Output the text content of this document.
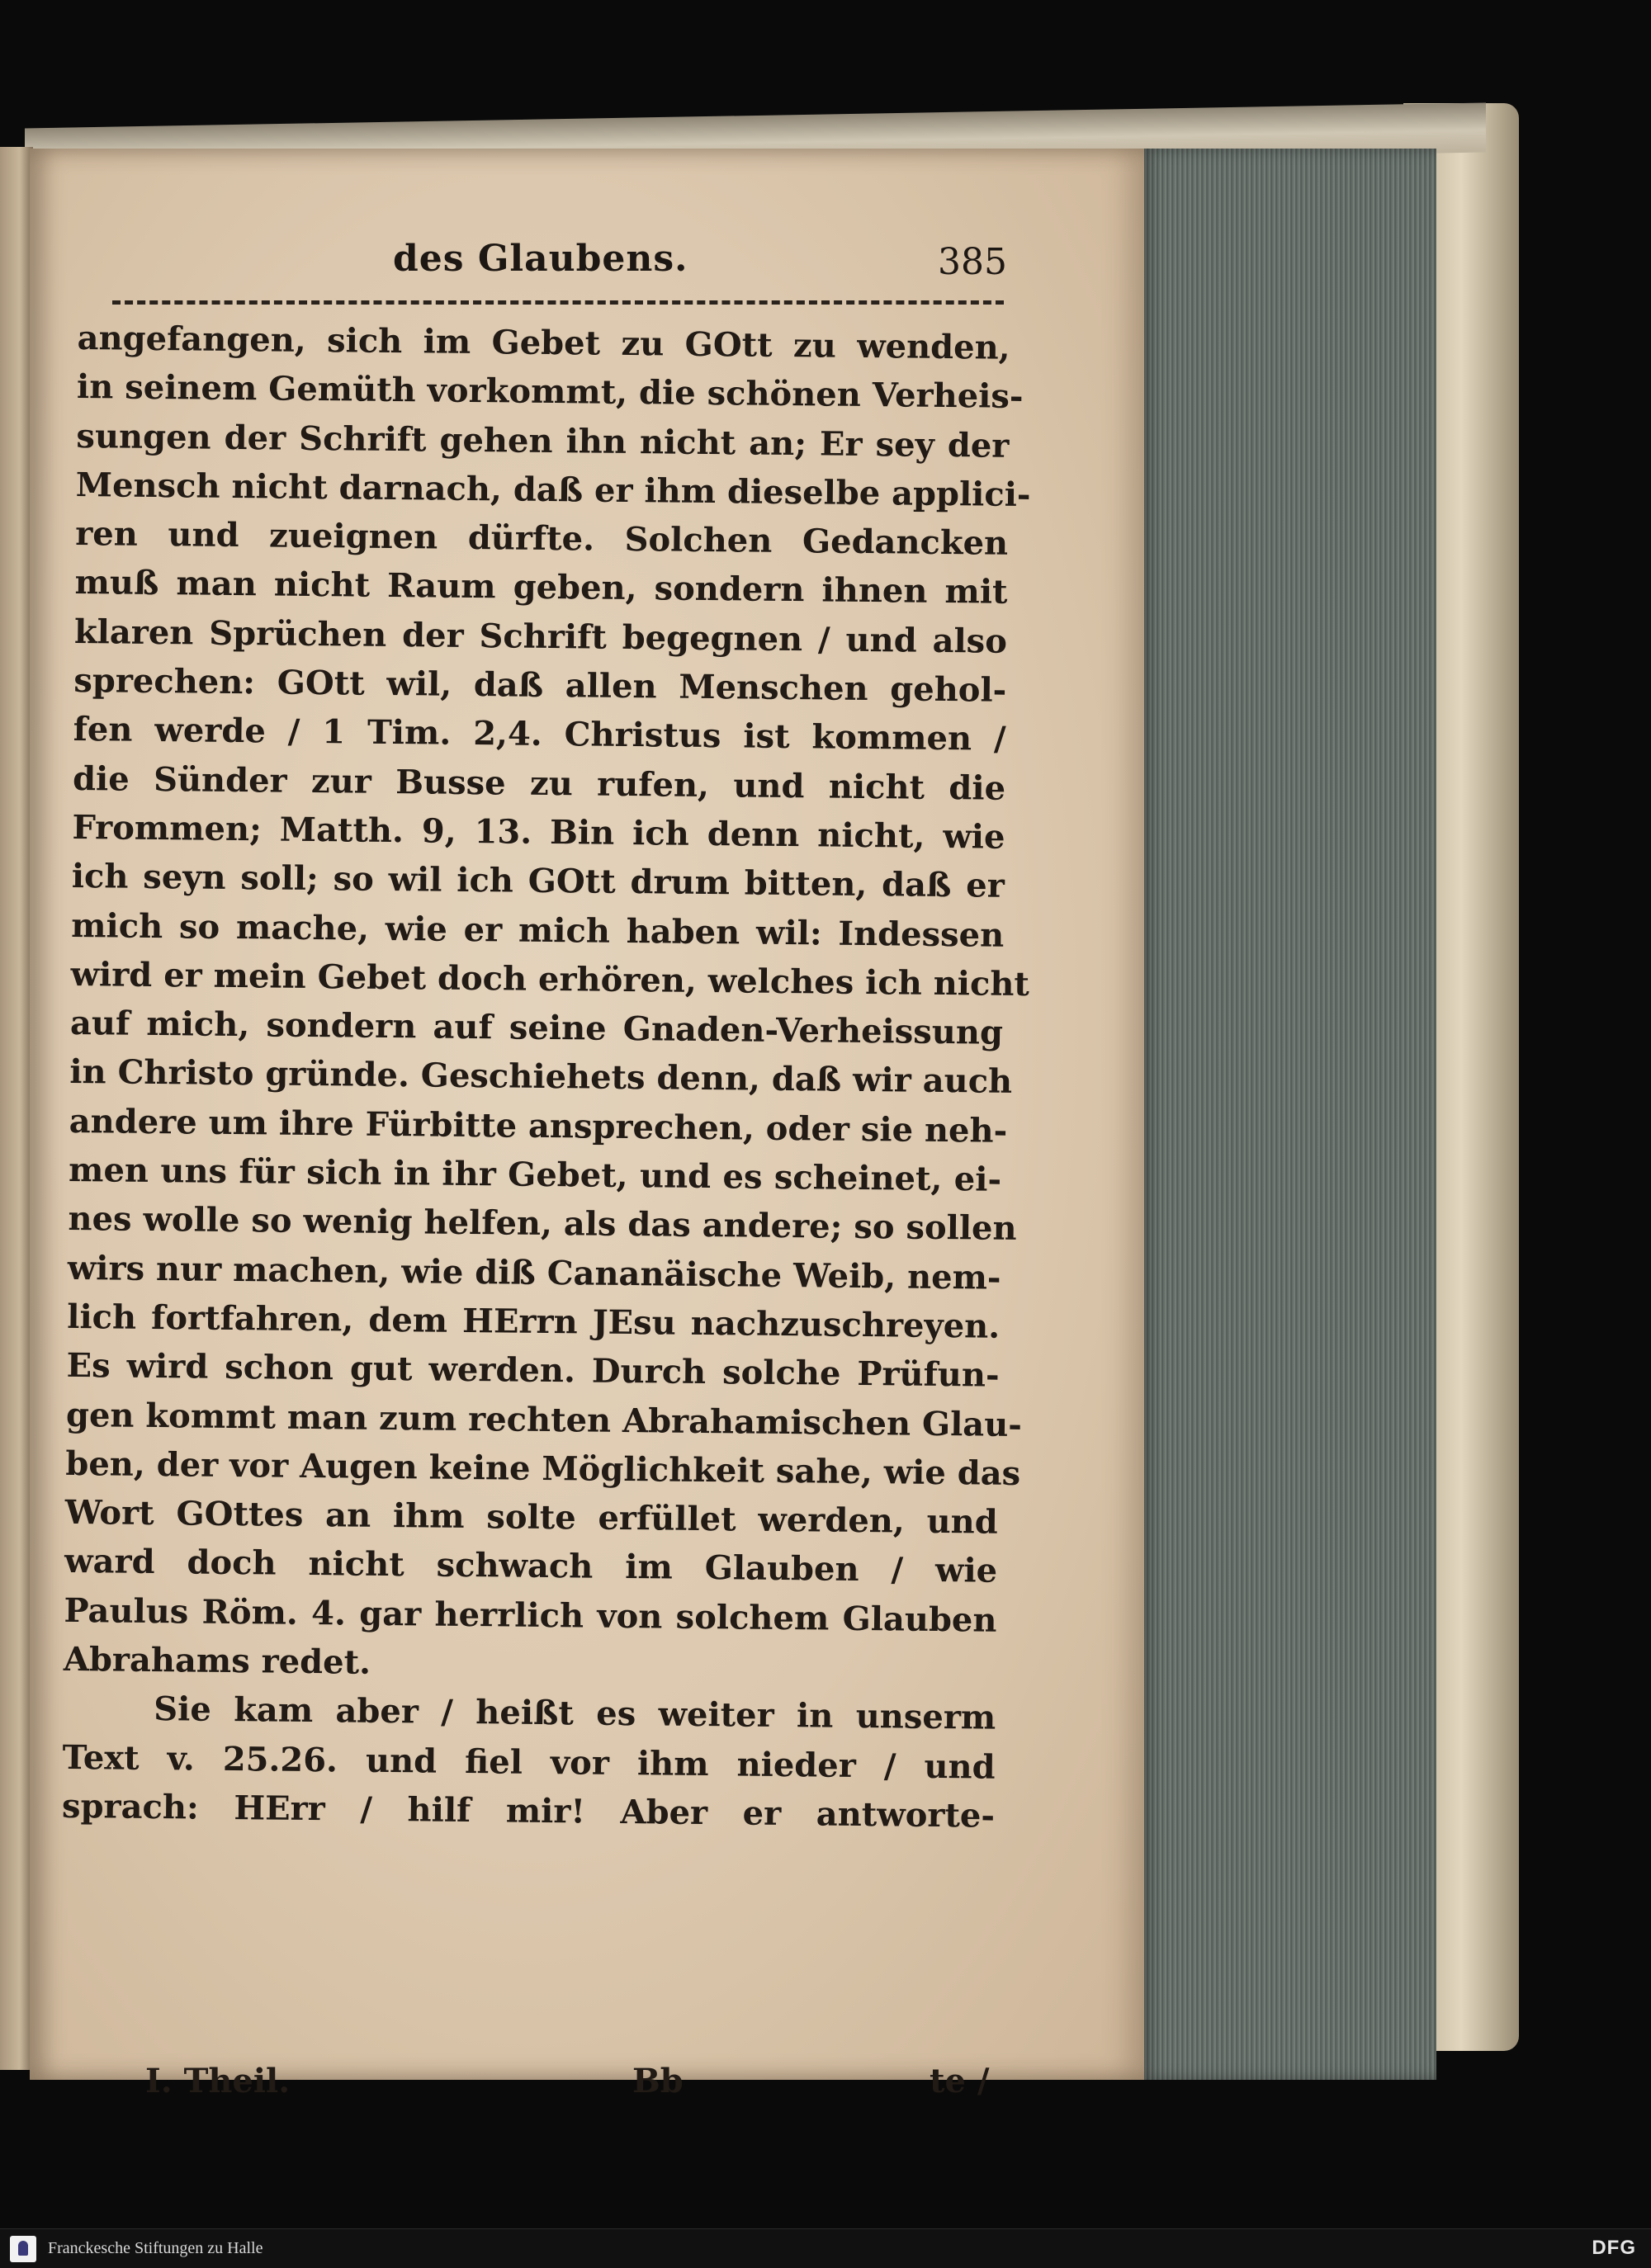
des Glaubens.	385
angefangen, sich im Gebet zu GOtt zu wenden,
in seinem Gemüth vorkommt, die schönen Verheis-
sungen der Schrift gehen ihn nicht an; Er sey der
Mensch nicht darnach, daß er ihm dieselbe applici-
ren und zueignen dürfte. Solchen Gedancken
muß man nicht Raum geben, sondern ihnen mit
klaren Sprüchen der Schrift begegnen / und also
sprechen: GOtt wil, daß allen Menschen gehol-
fen werde / 1 Tim. 2,4. Christus ist kommen /
die Sünder zur Busse zu rufen, und nicht die
Frommen; Matth. 9, 13. Bin ich denn nicht, wie
ich seyn soll; so wil ich GOtt drum bitten, daß er
mich so mache, wie er mich haben wil: Indessen
wird er mein Gebet doch erhören, welches ich nicht
auf mich, sondern auf seine Gnaden-Verheissung
in Christo gründe. Geschiehets denn, daß wir auch
andere um ihre Fürbitte ansprechen, oder sie neh-
men uns für sich in ihr Gebet, und es scheinet, ei-
nes wolle so wenig helfen, als das andere; so sollen
wirs nur machen, wie diß Cananäische Weib, nem-
lich fortfahren, dem HErrn JEsu nachzuschreyen.
Es wird schon gut werden. Durch solche Prüfun-
gen kommt man zum rechten Abrahamischen Glau-
ben, der vor Augen keine Möglichkeit sahe, wie das
Wort GOttes an ihm solte erfüllet werden, und
ward doch nicht schwach im Glauben / wie
Paulus Röm. 4. gar herrlich von solchem Glauben
Abrahams redet.
Sie kam aber / heißt es weiter in unserm
Text v. 25.26. und fiel vor ihm nieder / und
sprach: HErr / hilf mir! Aber er antworte-
I. Theil.	Bb	te /
Franckesche Stiftungen zu Halle	DFG
